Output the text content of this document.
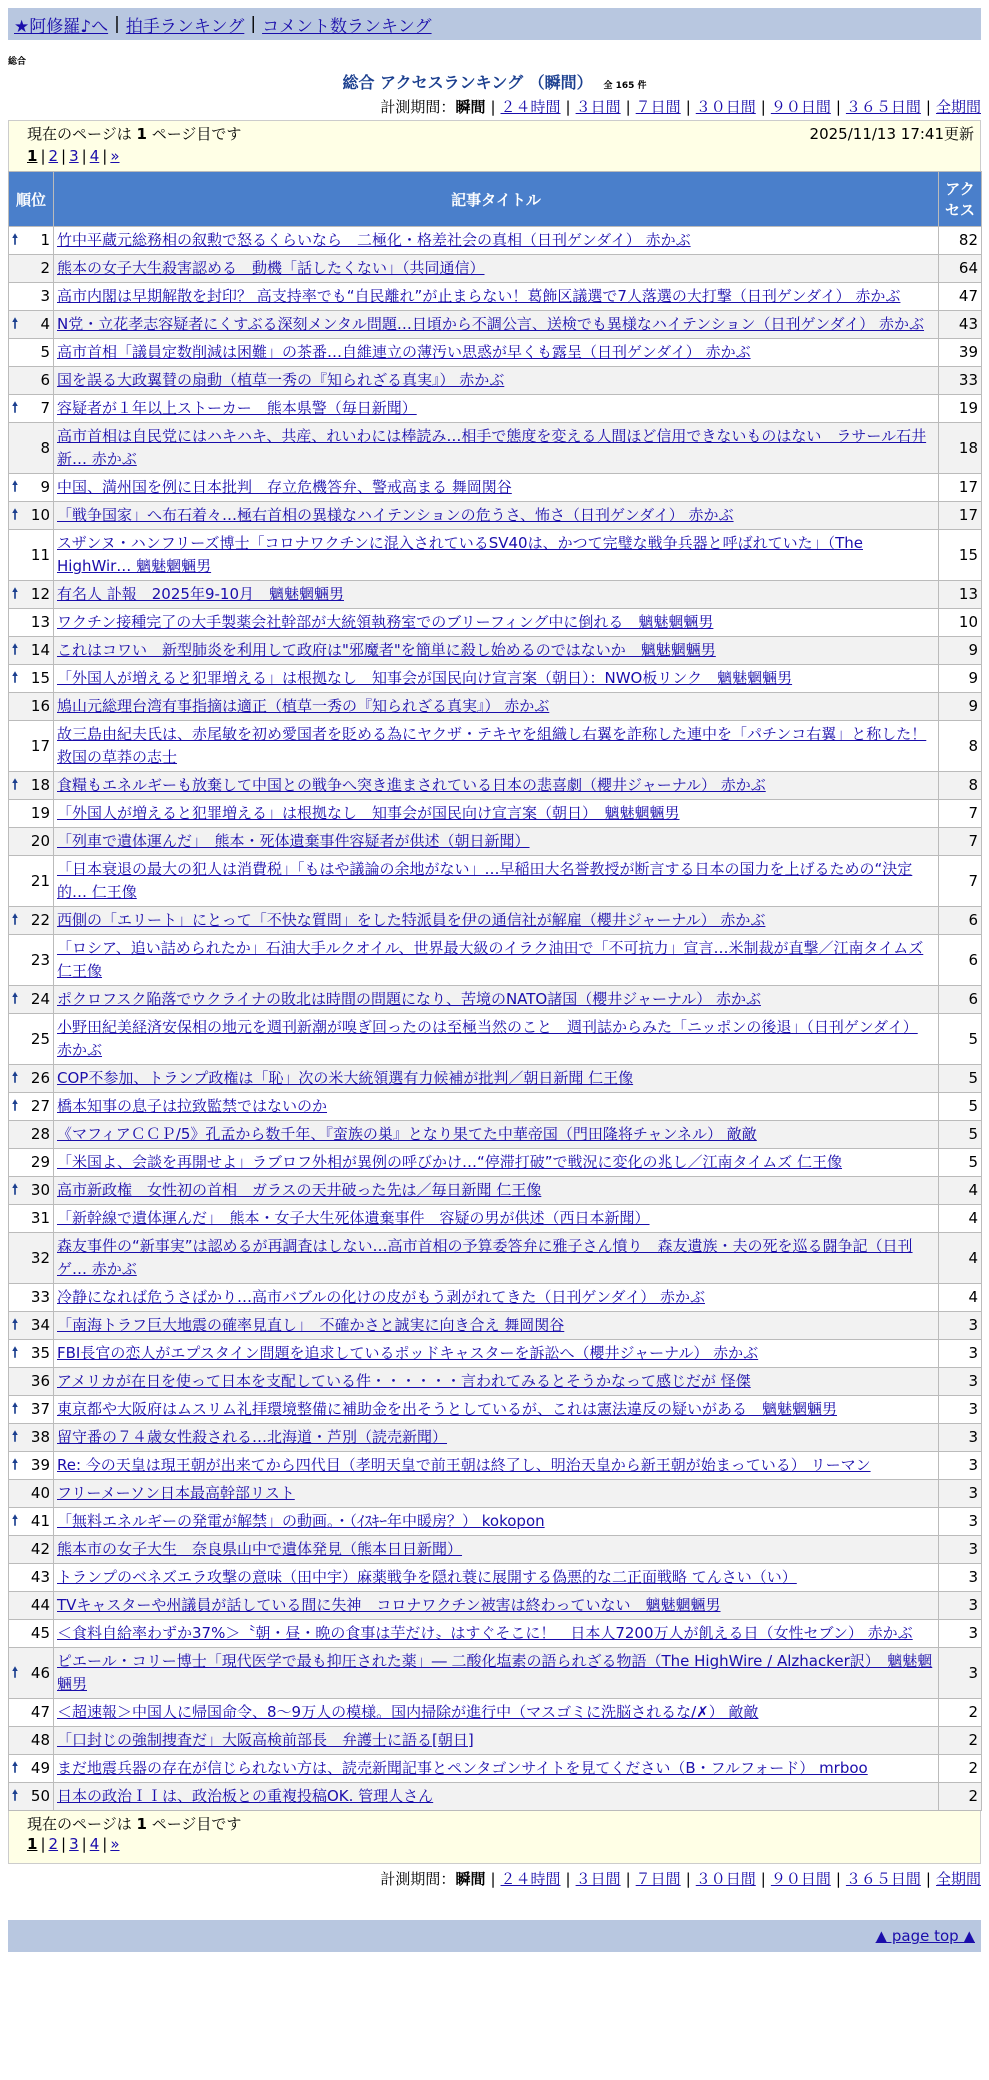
★阿修羅♪へ | 拍手ランキング | コメント数ランキング
総合
総合 アクセスランキング （瞬間） 全 165 件
計測期間：瞬間 | ２４時間 | ３日間 | ７日間 | ３０日間 | ９０日間 | ３６５日間 | 全期間
現在のページは 1 ページ目です	2025/11/13 17:41更新
1 | 2 | 3 | 4 | »
順位	記事タイトル	アクセス

🠕 1	竹中平蔵元総務相の叙勲で怒るくらいなら　二極化・格差社会の真相（日刊ゲンダイ） 赤かぶ	82
2	熊本の女子大生殺害認める　動機「話したくない」（共同通信）	64
3	高市内閣は早期解散を封印？ 高支持率でも“自民離れ”が止まらない！葛飾区議選で7人落選の大打撃（日刊ゲンダイ） 赤かぶ	47

🠕 4	N党・立花孝志容疑者にくすぶる深刻メンタル問題…日頃から不調公言、送検でも異様なハイテンション（日刊ゲンダイ） 赤かぶ	43
5	高市首相「議員定数削減は困難」の茶番…自維連立の薄汚い思惑が早くも露呈（日刊ゲンダイ） 赤かぶ	39
6	国を誤る大政翼賛の扇動（植草一秀の『知られざる真実』） 赤かぶ	33

🠕 7	容疑者が１年以上ストーカー　熊本県警（毎日新聞）	19
8	高市首相は自民党にはハキハキ、共産、れいわには棒読み…相手で態度を変える人間ほど信用できないものはない　ラサール石井 新… 赤かぶ	18

🠕 9	中国、満州国を例に日本批判　存立危機答弁、警戒高まる 舞岡関谷	17

🠕 10	「戦争国家」へ布石着々…極右首相の異様なハイテンションの危うさ、怖さ（日刊ゲンダイ） 赤かぶ	17
11	スザンヌ・ハンフリーズ博士「コロナワクチンに混入されているSV40は、かつて完璧な戦争兵器と呼ばれていた」（The HighWir… 魑魅魍魎男	15

🠕 12	有名人 訃報　2025年9-10月　魑魅魍魎男	13
13	ワクチン接種完了の大手製薬会社幹部が大統領執務室でのブリーフィング中に倒れる　魑魅魍魎男	10

🠕 14	これはコワい　新型肺炎を利用して政府は"邪魔者"を簡単に殺し始めるのではないか　魑魅魍魎男	9

🠕 15	「外国人が増えると犯罪増える」は根拠なし　知事会が国民向け宣言案（朝日）：NWO板リンク　魑魅魍魎男	9
16	鳩山元総理台湾有事指摘は適正（植草一秀の『知られざる真実』） 赤かぶ	9
17	故三島由紀夫氏は、赤尾敏を初め愛国者を貶める為にヤクザ・テキヤを組織し右翼を詐称した連中を「パチンコ右翼」と称した！ 救国の草莽の志士	8

🠕 18	食糧もエネルギーも放棄して中国との戦争へ突き進まされている日本の悲喜劇（櫻井ジャーナル） 赤かぶ	8
19	「外国人が増えると犯罪増える」は根拠なし　知事会が国民向け宣言案（朝日）　魑魅魍魎男	7
20	「列車で遺体運んだ」　熊本・死体遺棄事件容疑者が供述（朝日新聞）	7
21	「日本衰退の最大の犯人は消費税」「もはや議論の余地がない」…早稲田大名誉教授が断言する日本の国力を上げるための“決定的… 仁王像	7

🠕 22	西側の「エリート」にとって「不快な質問」をした特派員を伊の通信社が解雇（櫻井ジャーナル） 赤かぶ	6
23	「ロシア、追い詰められたか」石油大手ルクオイル、世界最大級のイラク油田で「不可抗力」宣言…米制裁が直撃／江南タイムズ 仁王像	6

🠕 24	ポクロフスク陥落でウクライナの敗北は時間の問題になり、苦境のNATO諸国（櫻井ジャーナル） 赤かぶ	6
25	小野田紀美経済安保相の地元を週刊新潮が嗅ぎ回ったのは至極当然のこと　週刊誌からみた「ニッポンの後退」（日刊ゲンダイ） 赤かぶ	5

🠕 26	COP不参加、トランプ政権は「恥」次の米大統領選有力候補が批判／朝日新聞 仁王像	5

🠕 27	橋本知事の息子は拉致監禁ではないのか	5
28	《マフィアＣＣＰ/5》孔孟から数千年、『蛮族の巣』となり果てた中華帝国（門田隆将チャンネル） 敵敵	5
29	「米国よ、会談を再開せよ」ラブロフ外相が異例の呼びかけ…“停滞打破”で戦況に変化の兆し／江南タイムズ 仁王像	5

🠕 30	高市新政権　女性初の首相　ガラスの天井破った先は／毎日新聞 仁王像	4
31	「新幹線で遺体運んだ」　熊本・女子大生死体遺棄事件　容疑の男が供述（西日本新聞）	4
32	森友事件の“新事実”は認めるが再調査はしない…高市首相の予算委答弁に雅子さん憤り　森友遺族・夫の死を巡る闘争記（日刊ゲ… 赤かぶ	4
33	冷静になれば危うさばかり…高市バブルの化けの皮がもう剥がれてきた（日刊ゲンダイ） 赤かぶ	4

🠕 34	「南海トラフ巨大地震の確率見直し」　不確かさと誠実に向き合え 舞岡関谷	3

🠕 35	FBI長官の恋人がエプスタイン問題を追求しているポッドキャスターを訴訟へ（櫻井ジャーナル） 赤かぶ	3
36	アメリカが在日を使って日本を支配している件・・・・・・言われてみるとそうかなって感じだが 怪傑	3

🠕 37	東京都や大阪府はムスリム礼拝環境整備に補助金を出そうとしているが、これは憲法違反の疑いがある　魑魅魍魎男	3

🠕 38	留守番の７４歳女性殺される…北海道・芦別（読売新聞）	3

🠕 39	Re: 今の天皇は現王朝が出来てから四代目（孝明天皇で前王朝は終了し、明治天皇から新王朝が始まっている） リーマン	3
40	フリーメーソン日本最高幹部リスト	3

🠕 41	「無料エネルギーの発電が解禁」の動画。・（ｲｽｷｰ年中暖房？） kokopon	3
42	熊本市の女子大生　奈良県山中で遺体発見（熊本日日新聞）	3
43	トランプのベネズエラ攻撃の意味（田中宇）麻薬戦争を隠れ蓑に展開する偽悪的な二正面戦略 てんさい（い）	3
44	TVキャスターや州議員が話している間に失神　コロナワクチン被害は終わっていない　魑魅魍魎男	3
45	＜食料自給率わずか37%＞〝朝・昼・晩の食事は芋だけ〟はすぐそこに！　日本人7200万人が飢える日（女性セブン） 赤かぶ	3

🠕 46	ピエール・コリー博士「現代医学で最も抑圧された薬」― 二酸化塩素の語られざる物語（The HighWire / Alzhacker訳）　魑魅魍魎男	3
47	＜超速報＞中国人に帰国命令、8～9万人の模様。国内掃除が進行中（マスゴミに洗脳されるな/✗） 敵敵	2
48	「口封じの強制捜査だ」大阪高検前部長　弁護士に語る[朝日]	2

🠕 49	まだ地震兵器の存在が信じられない方は、読売新聞記事とペンタゴンサイトを見てください（B・フルフォード） mrboo	2

🠕 50	日本の政治ＩＩは、政治板との重複投稿OK. 管理人さん	2
現在のページは 1 ページ目です
1 | 2 | 3 | 4 | »
計測期間：瞬間 | ２４時間 | ３日間 | ７日間 | ３０日間 | ９０日間 | ３６５日間 | 全期間
▲ page top ▲
